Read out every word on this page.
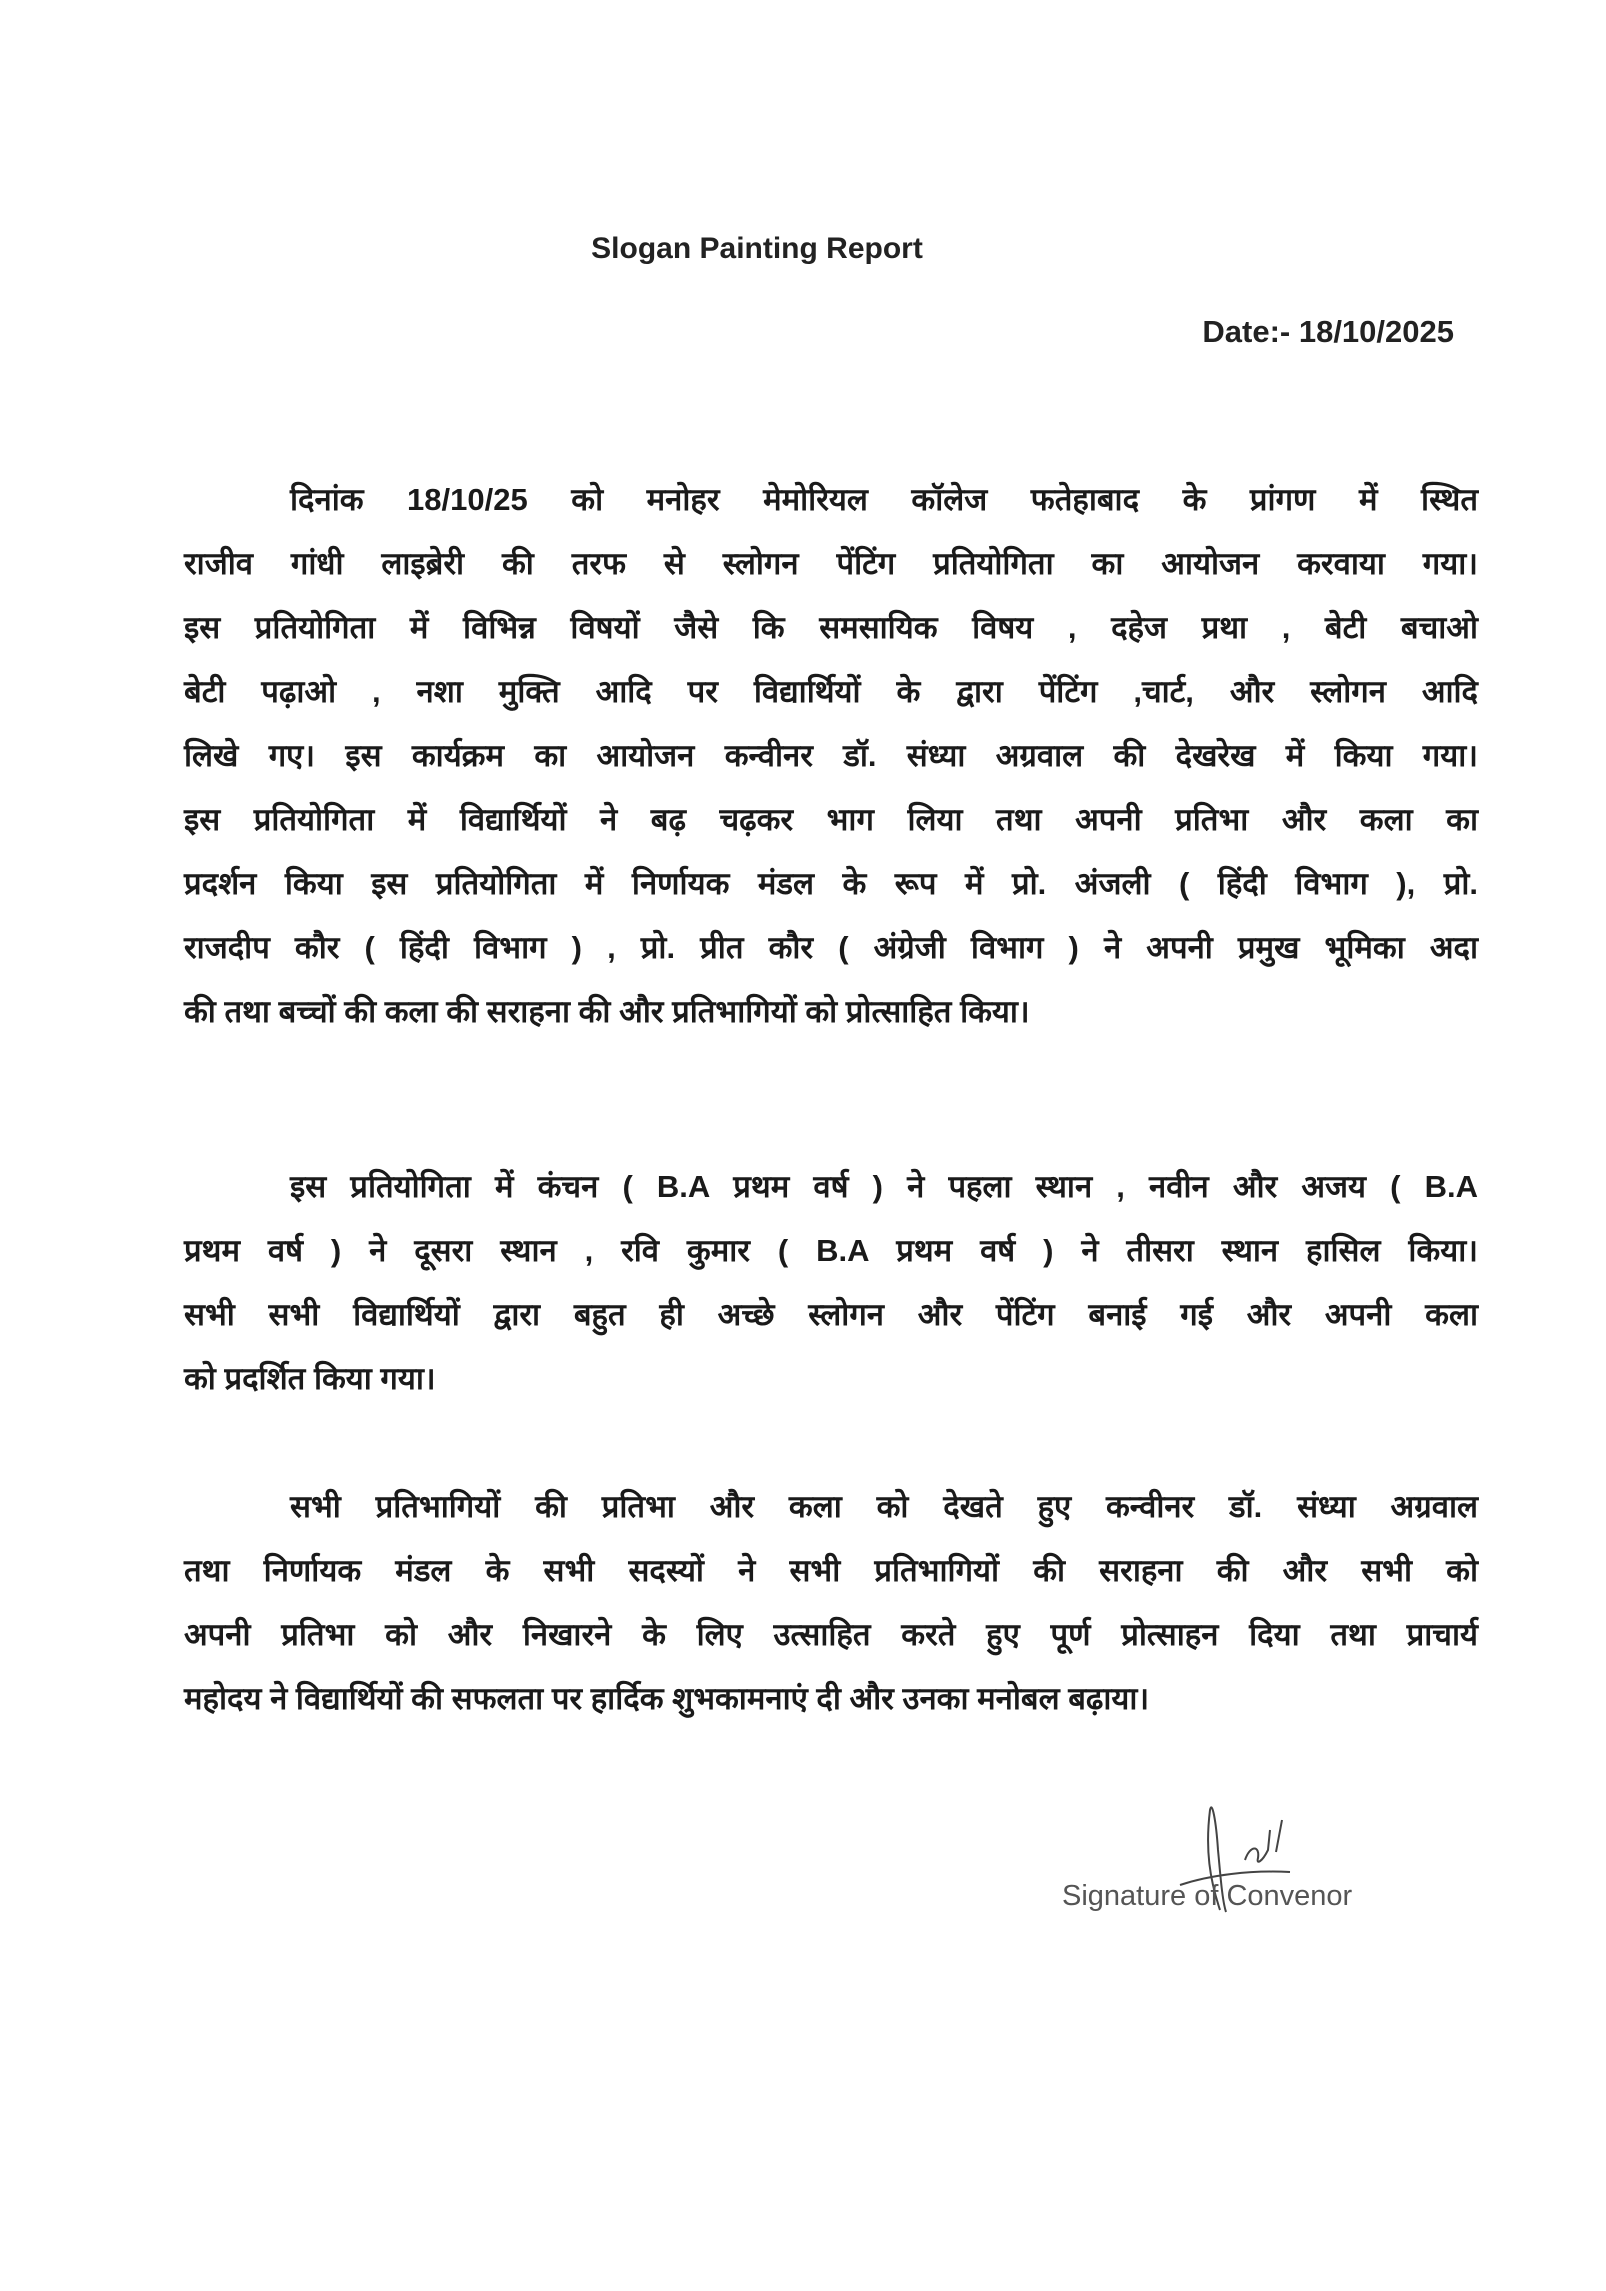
Slogan Painting Report
Date:- 18/10/2025
दिनांक 18/10/25 को मनोहर मेमोरियल कॉलेज फतेहाबाद के प्रांगण में स्थित
राजीव गांधी लाइब्रेरी की तरफ से स्लोगन पेंटिंग प्रतियोगिता का आयोजन करवाया गया।
इस प्रतियोगिता में विभिन्न विषयों जैसे कि समसायिक विषय , दहेज प्रथा , बेटी बचाओ
बेटी पढ़ाओ , नशा मुक्ति आदि पर विद्यार्थियों के द्वारा पेंटिंग ,चार्ट, और स्लोगन आदि
लिखे गए। इस कार्यक्रम का आयोजन कन्वीनर डॉ. संध्या अग्रवाल की देखरेख में किया गया।
इस प्रतियोगिता में विद्यार्थियों ने बढ़ चढ़कर भाग लिया तथा अपनी प्रतिभा और कला का
प्रदर्शन किया इस प्रतियोगिता में निर्णायक मंडल के रूप में प्रो. अंजली ( हिंदी विभाग ), प्रो.
राजदीप कौर ( हिंदी विभाग ) , प्रो. प्रीत कौर ( अंग्रेजी विभाग ) ने अपनी प्रमुख भूमिका अदा
की तथा बच्चों की कला की सराहना की और प्रतिभागियों को प्रोत्साहित किया।
इस प्रतियोगिता में कंचन ( B.A प्रथम वर्ष ) ने पहला स्थान , नवीन और अजय ( B.A
प्रथम वर्ष ) ने दूसरा स्थान , रवि कुमार ( B.A प्रथम वर्ष ) ने तीसरा स्थान हासिल किया।
सभी सभी विद्यार्थियों द्वारा बहुत ही अच्छे स्लोगन और पेंटिंग बनाई गई और अपनी कला
को प्रदर्शित किया गया।
सभी प्रतिभागियों की प्रतिभा और कला को देखते हुए कन्वीनर डॉ. संध्या अग्रवाल
तथा निर्णायक मंडल के सभी सदस्यों ने सभी प्रतिभागियों की सराहना की और सभी को
अपनी प्रतिभा को और निखारने के लिए उत्साहित करते हुए पूर्ण प्रोत्साहन दिया तथा प्राचार्य
महोदय ने विद्यार्थियों की सफलता पर हार्दिक शुभकामनाएं दी और उनका मनोबल बढ़ाया।
Signature of Convenor
